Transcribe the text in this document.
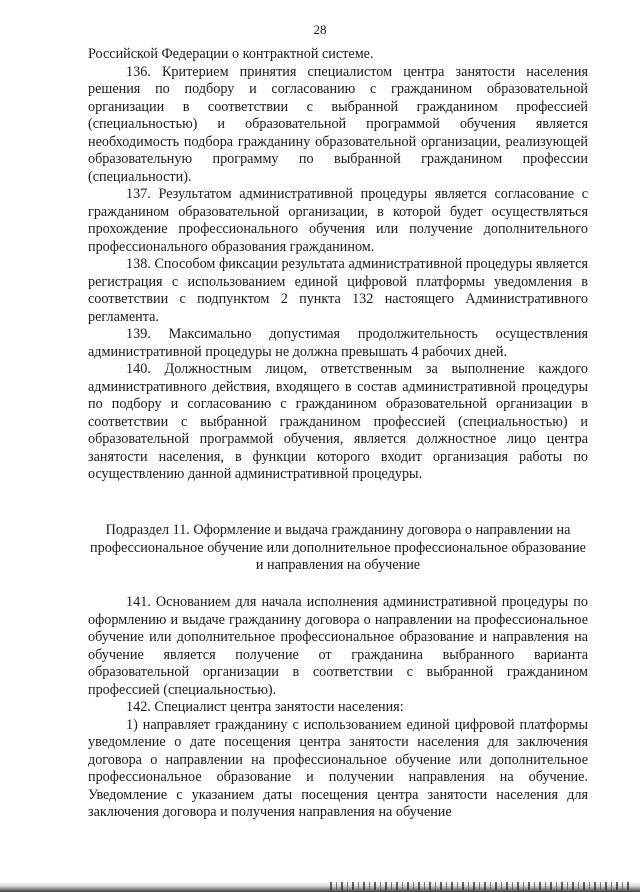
28

Российской Федерации о контрактной системе.

136. Критерием принятия специалистом центра занятости населения решения по подбору и согласованию с гражданином образовательной организации в соответствии с выбранной гражданином профессией (специальностью) и образовательной программой обучения является необходимость подбора гражданину образовательной организации, реализующей образовательную программу по выбранной гражданином профессии (специальности).

137. Результатом административной процедуры является согласование с гражданином образовательной организации, в которой будет осуществляться прохождение профессионального обучения или получение дополнительного профессионального образования гражданином.

138. Способом фиксации результата административной процедуры является регистрация с использованием единой цифровой платформы уведомления в соответствии с подпунктом 2 пункта 132 настоящего Административного регламента.

139. Максимально допустимая продолжительность осуществления административной процедуры не должна превышать 4 рабочих дней.

140. Должностным лицом, ответственным за выполнение каждого административного действия, входящего в состав административной процедуры по подбору и согласованию с гражданином образовательной организации в соответствии с выбранной гражданином профессией (специальностью) и образовательной программой обучения, является должностное лицо центра занятости населения, в функции которого входит организация работы по осуществлению данной административной процедуры.

Подраздел 11. Оформление и выдача гражданину договора о направлении на профессиональное обучение или дополнительное профессиональное образование и направления на обучение

141. Основанием для начала исполнения административной процедуры по оформлению и выдаче гражданину договора о направлении на профессиональное обучение или дополнительное профессиональное образование и направления на обучение является получение от гражданина выбранного варианта образовательной организации в соответствии с выбранной гражданином профессией (специальностью).

142. Специалист центра занятости населения:

1) направляет гражданину с использованием единой цифровой платформы уведомление о дате посещения центра занятости населения для заключения договора о направлении на профессиональное обучение или дополнительное профессиональное образование и получении направления на обучение. Уведомление с указанием даты посещения центра занятости населения для заключения договора и получения направления на обучение
